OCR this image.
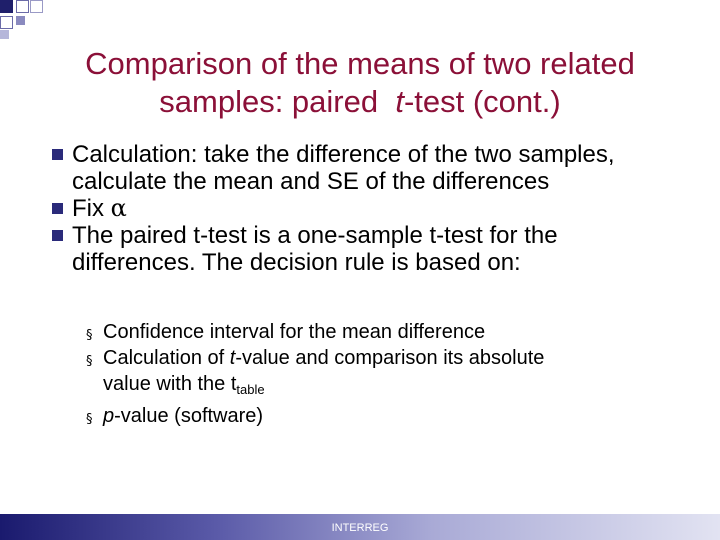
Comparison of the means of two related
samples: paired  t-test (cont.)
Calculation: take the difference of the two samples, calculate the mean and SE of the differences
Fix α
The paired t-test is a one-sample t-test for the differences. The decision rule is based on:
§ Confidence interval for the mean difference
§ Calculation of t-value and comparison its absolute
value with the $t_{table}$
§ p-value (software)
INTERREG
